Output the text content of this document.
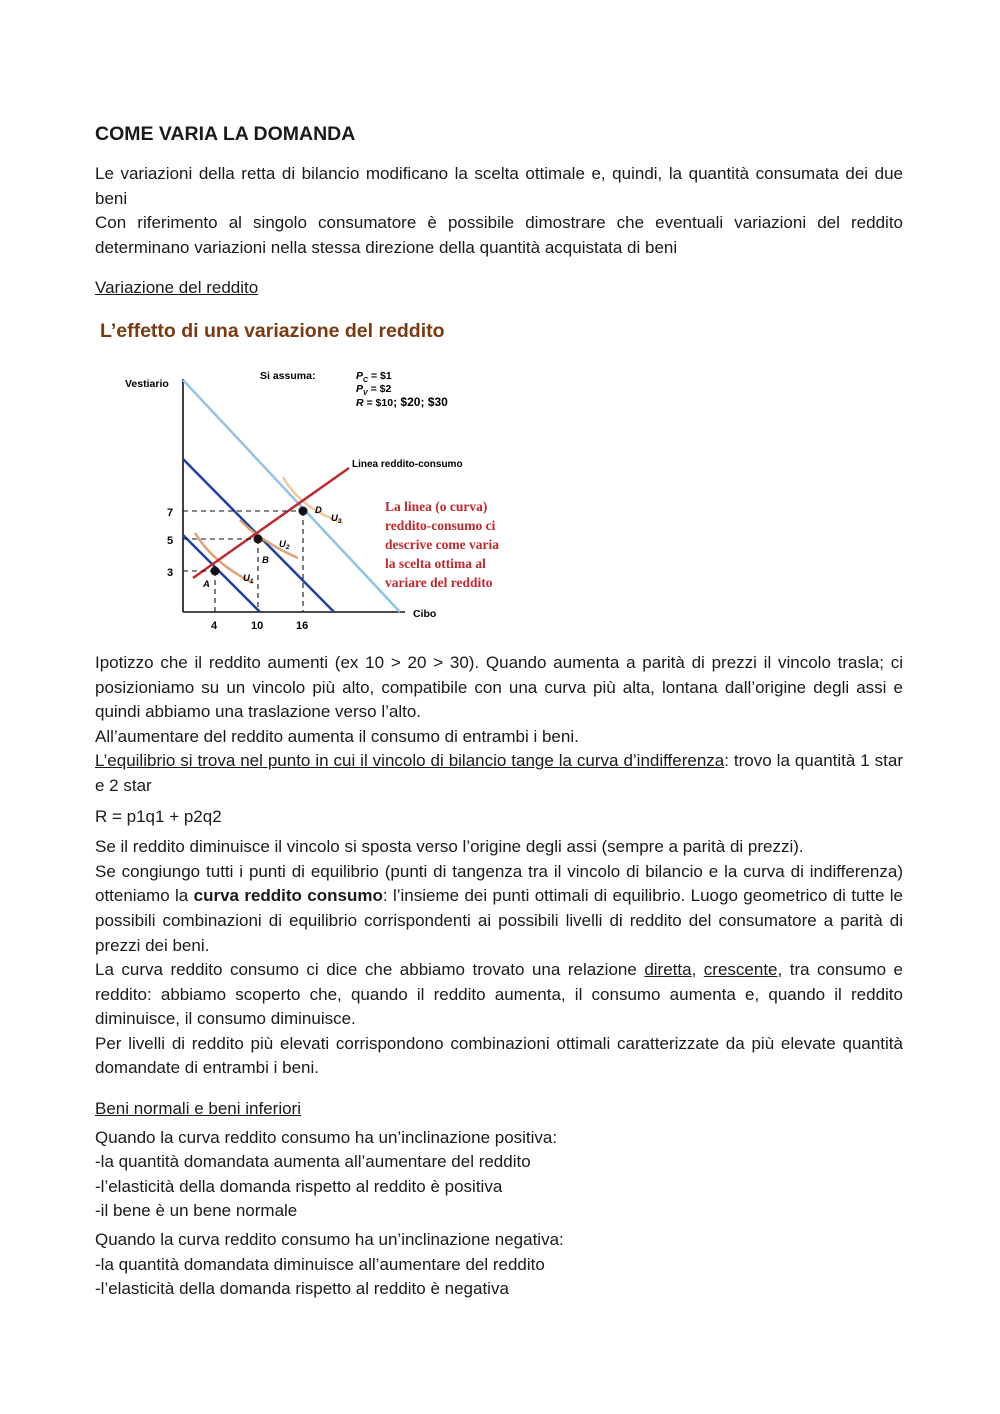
COME VARIA LA DOMANDA

Le variazioni della retta di bilancio modificano la scelta ottimale e, quindi, la quantità consumata dei due beni

Con riferimento al singolo consumatore è possibile dimostrare che eventuali variazioni del reddito determinano variazioni nella stessa direzione della quantità acquistata di beni

Variazione del reddito

L’effetto di una variazione del reddito
Vestiario
Cibo
Si assuma:	$P_C$ = $1
$P_V$ = $2
R = $10; $20; $30
Linea reddito-consumo
A
B
D
$U_1$
$U_2$
$U_3$
7
5
3
4	10	16
La linea (o curva)
reddito-consumo ci
descrive come varia
la scelta ottima al
variare del reddito

Ipotizzo che il reddito aumenti (ex 10 > 20 > 30). Quando aumenta a parità di prezzi il vincolo trasla; ci posizioniamo su un vincolo più alto, compatibile con una curva più alta, lontana dall’origine degli assi e quindi abbiamo una traslazione verso l’alto.

All’aumentare del reddito aumenta il consumo di entrambi i beni.

L’equilibrio si trova nel punto in cui il vincolo di bilancio tange la curva d’indifferenza: trovo la quantità 1 star e 2 star

R = p1q1 + p2q2

Se il reddito diminuisce il vincolo si sposta verso l’origine degli assi (sempre a parità di prezzi).

Se congiungo tutti i punti di equilibrio (punti di tangenza tra il vincolo di bilancio e la curva di indifferenza) otteniamo la curva reddito consumo: l’insieme dei punti ottimali di equilibrio. Luogo geometrico di tutte le possibili combinazioni di equilibrio corrispondenti ai possibili livelli di reddito del consumatore a parità di prezzi dei beni.

La curva reddito consumo ci dice che abbiamo trovato una relazione diretta, crescente, tra consumo e reddito: abbiamo scoperto che, quando il reddito aumenta, il consumo aumenta e, quando il reddito diminuisce, il consumo diminuisce.

Per livelli di reddito più elevati corrispondono combinazioni ottimali caratterizzate da più elevate quantità domandate di entrambi i beni.

Beni normali e beni inferiori

Quando la curva reddito consumo ha un’inclinazione positiva:

-la quantità domandata aumenta all’aumentare del reddito

-l’elasticità della domanda rispetto al reddito è positiva

-il bene è un bene normale

Quando la curva reddito consumo ha un’inclinazione negativa:

-la quantità domandata diminuisce all’aumentare del reddito

-l’elasticità della domanda rispetto al reddito è negativa
